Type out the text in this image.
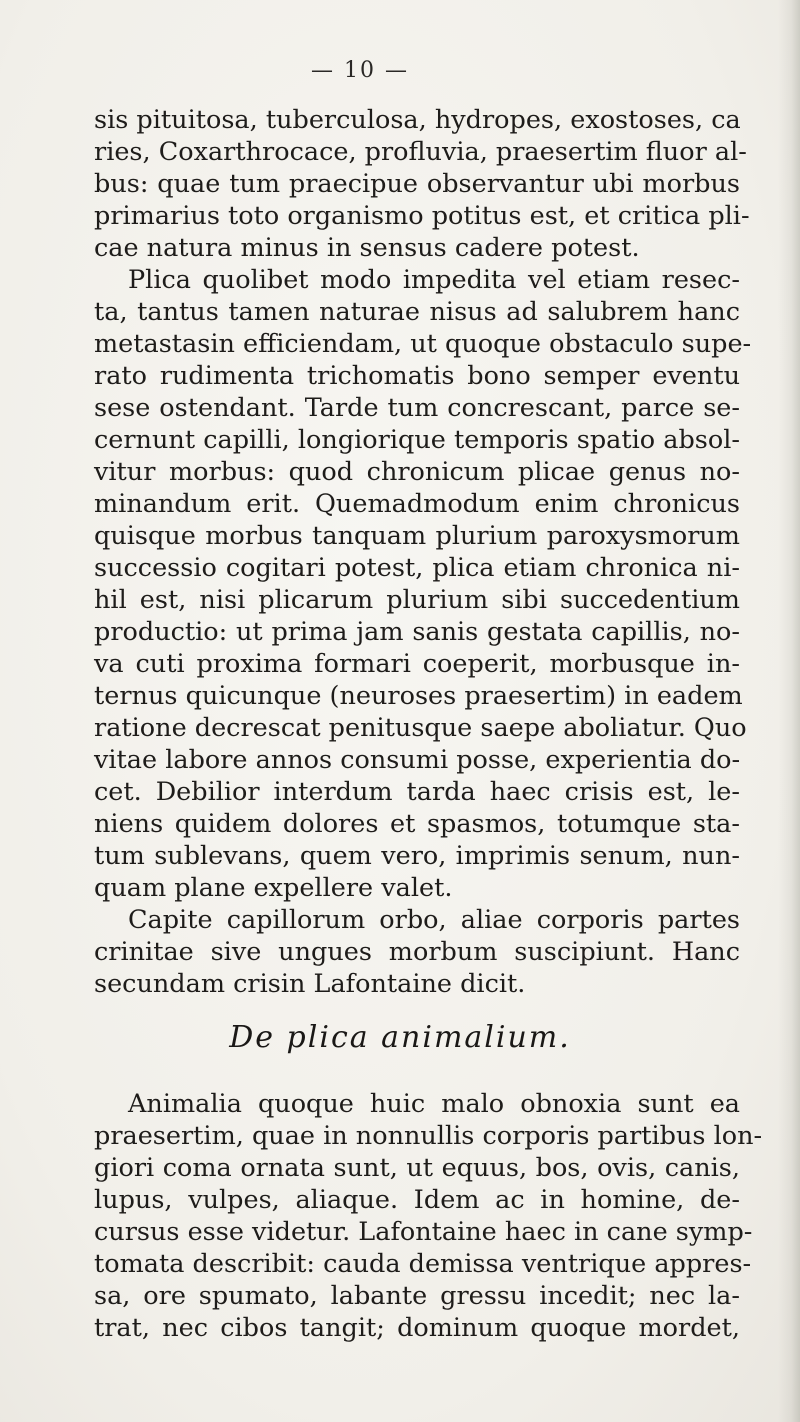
— 10 —
sis pituitosa, tuberculosa, hydropes, exostoses, ca
ries, Coxarthrocace, profluvia, praesertim fluor al-
bus: quae tum praecipue observantur ubi morbus
primarius toto organismo potitus est, et critica pli-
cae natura minus in sensus cadere potest.
Plica quolibet modo impedita vel etiam resec-
ta, tantus tamen naturae nisus ad salubrem hanc
metastasin efficiendam, ut quoque obstaculo supe-
rato rudimenta trichomatis bono semper eventu
sese ostendant. Tarde tum concrescant, parce se-
cernunt capilli, longiorique temporis spatio absol-
vitur morbus: quod chronicum plicae genus no-
minandum erit. Quemadmodum enim chronicus
quisque morbus tanquam plurium paroxysmorum
successio cogitari potest, plica etiam chronica ni-
hil est, nisi plicarum plurium sibi succedentium
productio: ut prima jam sanis gestata capillis, no-
va cuti proxima formari coeperit, morbusque in-
ternus quicunque (neuroses praesertim) in eadem
ratione decrescat penitusque saepe aboliatur. Quo
vitae labore annos consumi posse, experientia do-
cet. Debilior interdum tarda haec crisis est, le-
niens quidem dolores et spasmos, totumque sta-
tum sublevans, quem vero, imprimis senum, nun-
quam plane expellere valet.
Capite capillorum orbo, aliae corporis partes
crinitae sive ungues morbum suscipiunt. Hanc
secundam crisin Lafontaine dicit.
De plica animalium.
Animalia quoque huic malo obnoxia sunt ea
praesertim, quae in nonnullis corporis partibus lon-
giori coma ornata sunt, ut equus, bos, ovis, canis,
lupus, vulpes, aliaque. Idem ac in homine, de-
cursus esse videtur. Lafontaine haec in cane symp-
tomata describit: cauda demissa ventrique appres-
sa, ore spumato, labante gressu incedit; nec la-
trat, nec cibos tangit; dominum quoque mordet,
